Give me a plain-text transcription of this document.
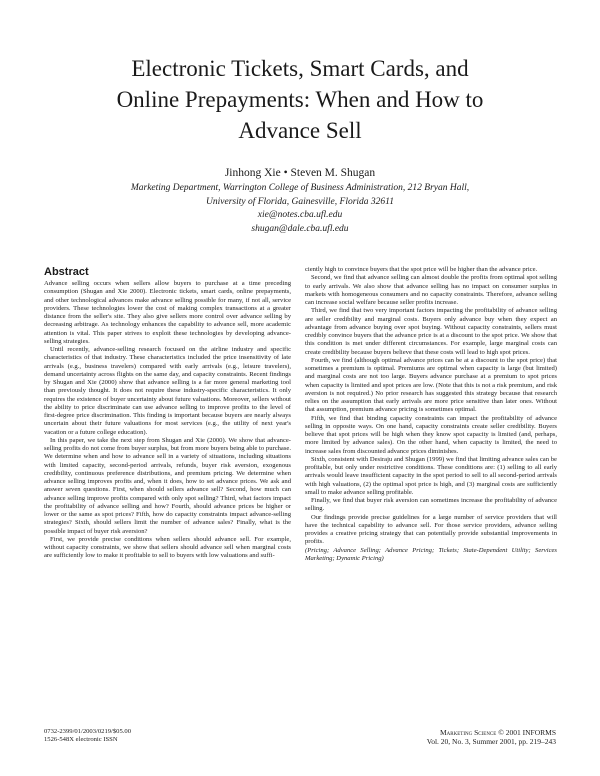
Electronic Tickets, Smart Cards, and
Online Prepayments: When and How to
Advance Sell
Jinhong Xie • Steven M. Shugan
Marketing Department, Warrington College of Business Administration, 212 Bryan Hall,
University of Florida, Gainesville, Florida 32611
xie@notes.cba.ufl.edu
shugan@dale.cba.ufl.edu
Abstract

Advance selling occurs when sellers allow buyers to purchase at a time preceding consumption (Shugan and Xie 2000). Electronic tickets, smart cards, online prepayments, and other technological advances make advance selling possible for many, if not all, service providers. These technologies lower the cost of making complex transactions at a greater distance from the seller's site. They also give sellers more control over advance selling by decreasing arbitrage. As technology enhances the capability to advance sell, more academic attention is vital. This paper strives to exploit these technologies by developing advance-selling strategies.

Until recently, advance-selling research focused on the airline industry and specific characteristics of that industry. These characteristics included the price insensitivity of late arrivals (e.g., business travelers) compared with early arrivals (e.g., leisure travelers), demand uncertainty across flights on the same day, and capacity constraints. Recent findings by Shugan and Xie (2000) show that advance selling is a far more general marketing tool than previously thought. It does not require these industry-specific characteristics. It only requires the existence of buyer uncertainty about future valuations. Moreover, sellers without the ability to price discriminate can use advance selling to improve profits to the level of first-degree price discrimination. This finding is important because buyers are nearly always uncertain about their future valuations for most services (e.g., the utility of next year's vacation or a future college education).

In this paper, we take the next step from Shugan and Xie (2000). We show that advance-selling profits do not come from buyer surplus, but from more buyers being able to purchase. We determine when and how to advance sell in a variety of situations, including situations with limited capacity, second-period arrivals, refunds, buyer risk aversion, exogenous credibility, continuous preference distributions, and premium pricing. We determine when advance selling improves profits and, when it does, how to set advance prices. We ask and answer seven questions. First, when should sellers advance sell? Second, how much can advance selling improve profits compared with only spot selling? Third, what factors impact the profitability of advance selling and how? Fourth, should advance prices be higher or lower or the same as spot prices? Fifth, how do capacity constraints impact advance-selling strategies? Sixth, should sellers limit the number of advance sales? Finally, what is the possible impact of buyer risk aversion?

First, we provide precise conditions when sellers should advance sell. For example, without capacity constraints, we show that sellers should advance sell when marginal costs are sufficiently low to make it profitable to sell to buyers with low valuations and suffi-

ciently high to convince buyers that the spot price will be higher than the advance price.

Second, we find that advance selling can almost double the profits from optimal spot selling to early arrivals. We also show that advance selling has no impact on consumer surplus in markets with homogeneous consumers and no capacity constraints. Therefore, advance selling can increase social welfare because seller profits increase.

Third, we find that two very important factors impacting the profitability of advance selling are seller credibility and marginal costs. Buyers only advance buy when they expect an advantage from advance buying over spot buying. Without capacity constraints, sellers must credibly convince buyers that the advance price is at a discount to the spot price. We show that this condition is met under different circumstances. For example, large marginal costs can create credibility because buyers believe that these costs will lead to high spot prices.

Fourth, we find (although optimal advance prices can be at a discount to the spot price) that sometimes a premium is optimal. Premiums are optimal when capacity is large (but limited) and marginal costs are not too large. Buyers advance purchase at a premium to spot prices when capacity is limited and spot prices are low. (Note that this is not a risk premium, and risk aversion is not required.) No prior research has suggested this strategy because that research relies on the assumption that early arrivals are more price sensitive than later ones. Without that assumption, premium advance pricing is sometimes optimal.

Fifth, we find that binding capacity constraints can impact the profitability of advance selling in opposite ways. On one hand, capacity constraints create seller credibility. Buyers believe that spot prices will be high when they know spot capacity is limited (and, perhaps, more limited by advance sales). On the other hand, when capacity is limited, the need to increase sales from discounted advance prices diminishes.

Sixth, consistent with Desiraju and Shugan (1999) we find that limiting advance sales can be profitable, but only under restrictive conditions. These conditions are: (1) selling to all early arrivals would leave insufficient capacity in the spot period to sell to all second-period arrivals with high valuations, (2) the optimal spot price is high, and (3) marginal costs are sufficiently small to make advance selling profitable.

Finally, we find that buyer risk aversion can sometimes increase the profitability of advance selling.

Our findings provide precise guidelines for a large number of service providers that will have the technical capability to advance sell. For those service providers, advance selling provides a creative pricing strategy that can potentially provide substantial improvements in profits.

(Pricing; Advance Selling; Advance Pricing; Tickets; State-Dependent Utility; Services Marketing; Dynamic Pricing)

0732-2399/01/2003/0219/$05.00
1526-548X electronic ISSN
Marketing Science © 2001 INFORMS
Vol. 20, No. 3, Summer 2001, pp. 219–243
